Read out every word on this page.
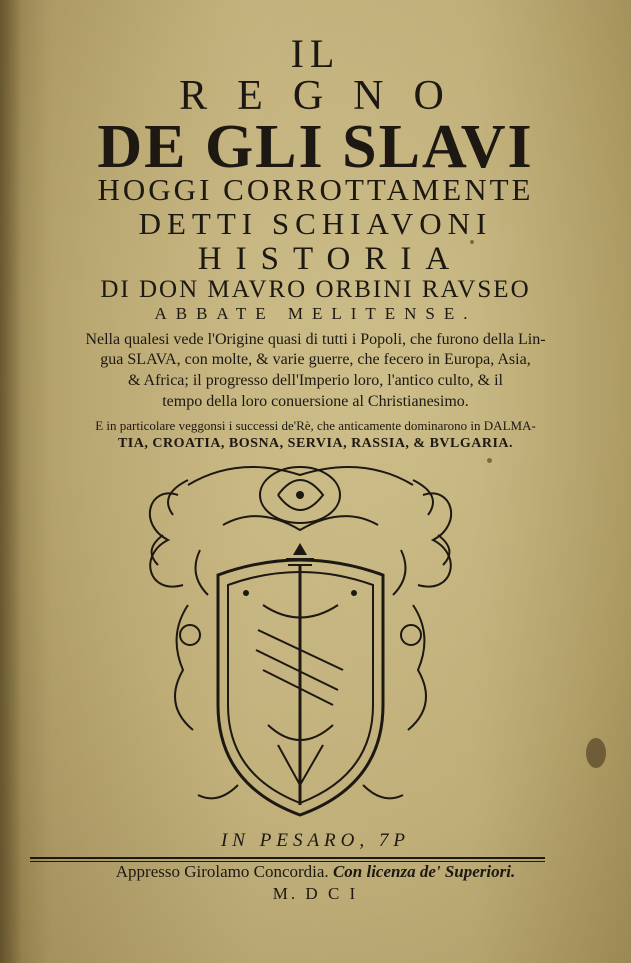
IL
REGNO
DE GLI SLAVI
HOGGI CORROTTAMENTE
DETTI SCHIAVONI
HISTORIA
DI DON MAVRO ORBINI RAVSEO
ABBATE MELITENSE.
Nella qualesi vede l'Origine quasi di tutti i Popoli, che furono della Lin-
gua SLAVA, con molte, & varie guerre, che fecero in Europa, Asia,
& Africa; il progresso dell'Imperio loro, l'antico culto, & il
tempo della loro conuersione al Christianesimo.
E in particolare veggonsi i successi de'Rè, che anticamente dominarono in DALMA-
TIA, CROATIA, BOSNA, SERVIA, RASSIA, & BVLGARIA.
IN PESARO, 7P
Appresso Girolamo Concordia. Con licenza de' Superiori.
M. D C I
